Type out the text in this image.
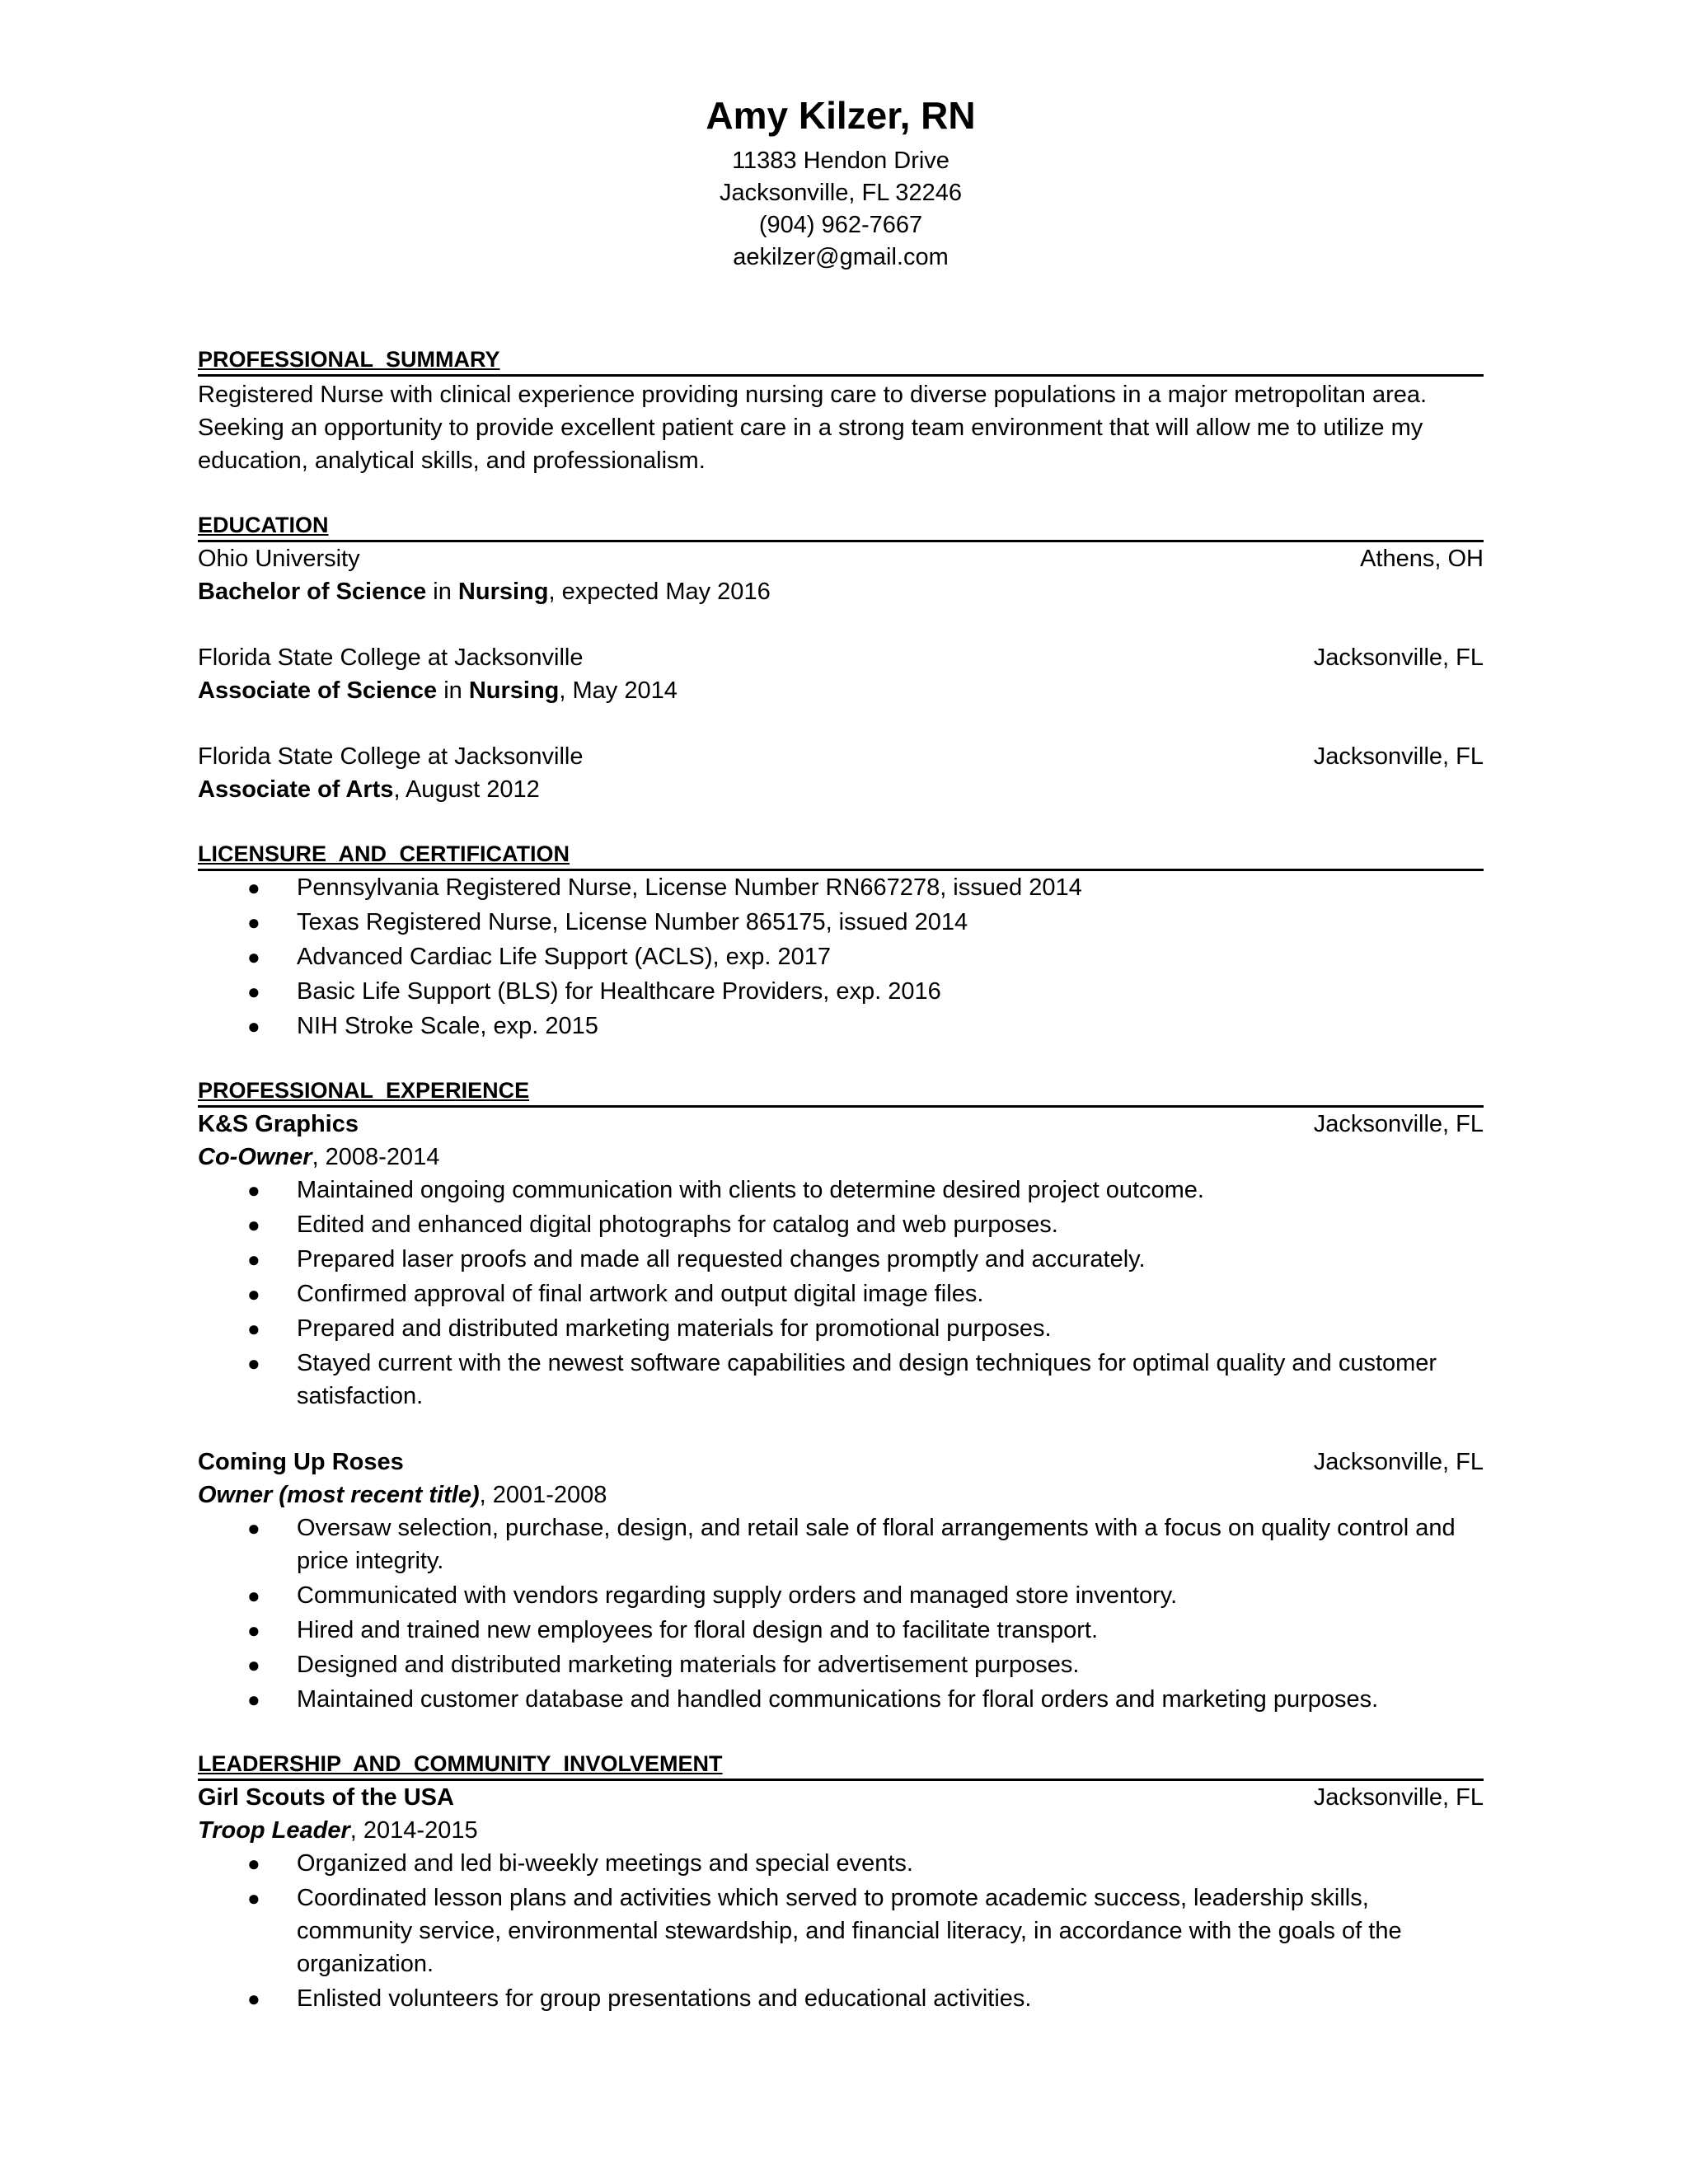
Amy Kilzer, RN
11383 Hendon Drive
Jacksonville, FL 32246
(904) 962-7667
aekilzer@gmail.com
PROFESSIONAL SUMMARY
Registered Nurse with clinical experience providing nursing care to diverse populations in a major metropolitan area.
Seeking an opportunity to provide excellent patient care in a strong team environment that will allow me to utilize my
education, analytical skills, and professionalism.
EDUCATION
Ohio University	Athens, OH
Bachelor of Science in Nursing, expected May 2016
Florida State College at Jacksonville	Jacksonville, FL
Associate of Science in Nursing, May 2014
Florida State College at Jacksonville	Jacksonville, FL
Associate of Arts, August 2012
LICENSURE AND CERTIFICATION
● Pennsylvania Registered Nurse, License Number RN667278, issued 2014
● Texas Registered Nurse, License Number 865175, issued 2014
● Advanced Cardiac Life Support (ACLS), exp. 2017
● Basic Life Support (BLS) for Healthcare Providers, exp. 2016
● NIH Stroke Scale, exp. 2015
PROFESSIONAL EXPERIENCE
K&S Graphics	Jacksonville, FL
Co-Owner, 2008-2014
● Maintained ongoing communication with clients to determine desired project outcome.
● Edited and enhanced digital photographs for catalog and web purposes.
● Prepared laser proofs and made all requested changes promptly and accurately.
● Confirmed approval of final artwork and output digital image files.
● Prepared and distributed marketing materials for promotional purposes.
● Stayed current with the newest software capabilities and design techniques for optimal quality and customer satisfaction.
Coming Up Roses	Jacksonville, FL
Owner (most recent title), 2001-2008
● Oversaw selection, purchase, design, and retail sale of floral arrangements with a focus on quality control and price integrity.
● Communicated with vendors regarding supply orders and managed store inventory.
● Hired and trained new employees for floral design and to facilitate transport.
● Designed and distributed marketing materials for advertisement purposes.
● Maintained customer database and handled communications for floral orders and marketing purposes.
LEADERSHIP AND COMMUNITY INVOLVEMENT
Girl Scouts of the USA	Jacksonville, FL
Troop Leader, 2014-2015
● Organized and led bi-weekly meetings and special events.
● Coordinated lesson plans and activities which served to promote academic success, leadership skills, community service, environmental stewardship, and financial literacy, in accordance with the goals of the organization.
● Enlisted volunteers for group presentations and educational activities.
